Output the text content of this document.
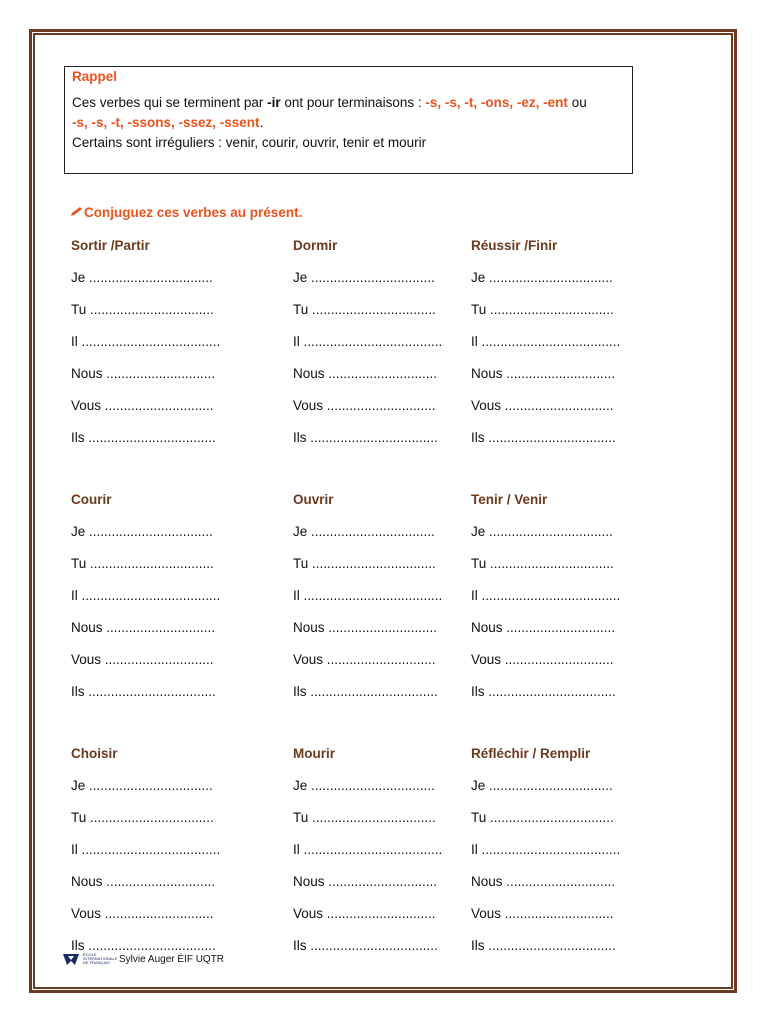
Rappel
Ces verbes qui se terminent par -ir ont pour terminaisons : -s, -s, -t, -ons, -ez, -ent ou
-s, -s, -t, -ssons, -ssez, -ssent.
Certains sont irréguliers : venir, courir, ouvrir, tenir et mourir
Conjuguez ces verbes au présent.
Sortir /Partir
Je .................................
Tu .................................
Il .....................................
Nous .............................
Vous .............................
Ils ..................................
Dormir
Je .................................
Tu .................................
Il .....................................
Nous .............................
Vous .............................
Ils ..................................
Réussir /Finir
Je .................................
Tu .................................
Il .....................................
Nous .............................
Vous .............................
Ils ..................................
Courir
Je .................................
Tu .................................
Il .....................................
Nous .............................
Vous .............................
Ils ..................................
Ouvrir
Je .................................
Tu .................................
Il .....................................
Nous .............................
Vous .............................
Ils ..................................
Tenir / Venir
Je .................................
Tu .................................
Il .....................................
Nous .............................
Vous .............................
Ils ..................................
Choisir
Je .................................
Tu .................................
Il .....................................
Nous .............................
Vous .............................
Ils ..................................
Mourir
Je .................................
Tu .................................
Il .....................................
Nous .............................
Vous .............................
Ils ..................................
Réfléchir / Remplir
Je .................................
Tu .................................
Il .....................................
Nous .............................
Vous .............................
Ils ..................................
ÉCOLE INTERNATIONALE DE FRANÇAIS Sylvie Auger ÉIF UQTR
